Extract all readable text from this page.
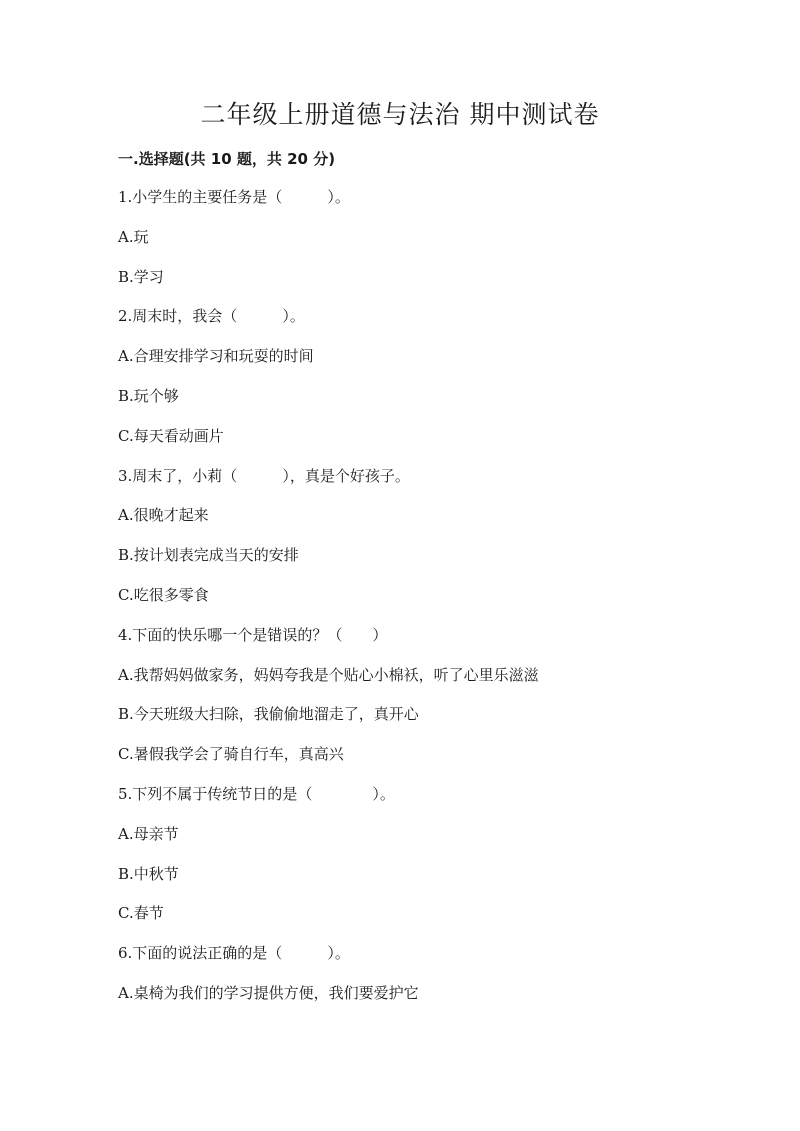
二年级上册道德与法治 期中测试卷
一.选择题(共 10 题，共 20 分)
1.小学生的主要任务是（　　　）。
A.玩
B.学习
2.周末时，我会（　　　）。
A.合理安排学习和玩耍的时间
B.玩个够
C.每天看动画片
3.周末了，小莉（　　　），真是个好孩子。
A.很晚才起来
B.按计划表完成当天的安排
C.吃很多零食
4.下面的快乐哪一个是错误的？（　　）
A.我帮妈妈做家务，妈妈夸我是个贴心小棉袄，听了心里乐滋滋
B.今天班级大扫除，我偷偷地溜走了，真开心
C.暑假我学会了骑自行车，真高兴
5.下列不属于传统节日的是（　　　　）。
A.母亲节
B.中秋节
C.春节
6.下面的说法正确的是（　　　）。
A.桌椅为我们的学习提供方便，我们要爱护它
